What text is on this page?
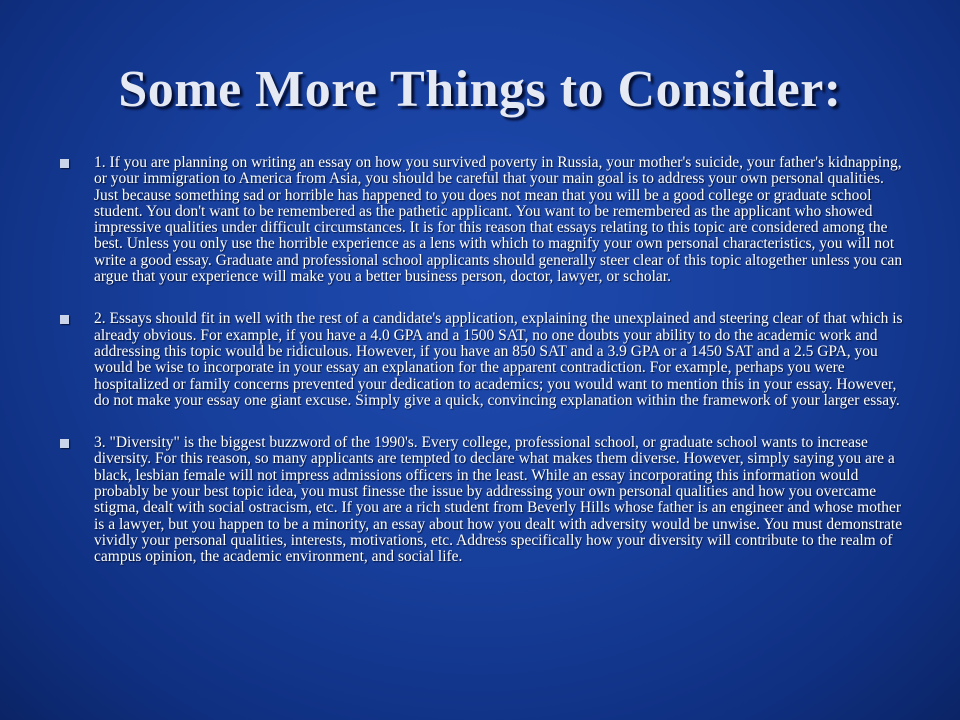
Some More Things to Consider:
1. If you are planning on writing an essay on how you survived poverty in Russia, your mother's suicide, your father's kidnapping, or your immigration to America from Asia, you should be careful that your main goal is to address your own personal qualities. Just because something sad or horrible has happened to you does not mean that you will be a good college or graduate school student. You don't want to be remembered as the pathetic applicant. You want to be remembered as the applicant who showed impressive qualities under difficult circumstances. It is for this reason that essays relating to this topic are considered among the best. Unless you only use the horrible experience as a lens with which to magnify your own personal characteristics, you will not write a good essay. Graduate and professional school applicants should generally steer clear of this topic altogether unless you can argue that your experience will make you a better business person, doctor, lawyer, or scholar.
2. Essays should fit in well with the rest of a candidate's application, explaining the unexplained and steering clear of that which is already obvious. For example, if you have a 4.0 GPA and a 1500 SAT, no one doubts your ability to do the academic work and addressing this topic would be ridiculous. However, if you have an 850 SAT and a 3.9 GPA or a 1450 SAT and a 2.5 GPA, you would be wise to incorporate in your essay an explanation for the apparent contradiction. For example, perhaps you were hospitalized or family concerns prevented your dedication to academics; you would want to mention this in your essay. However, do not make your essay one giant excuse. Simply give a quick, convincing explanation within the framework of your larger essay.
3. "Diversity" is the biggest buzzword of the 1990's. Every college, professional school, or graduate school wants to increase diversity. For this reason, so many applicants are tempted to declare what makes them diverse. However, simply saying you are a black, lesbian female will not impress admissions officers in the least. While an essay incorporating this information would probably be your best topic idea, you must finesse the issue by addressing your own personal qualities and how you overcame stigma, dealt with social ostracism, etc. If you are a rich student from Beverly Hills whose father is an engineer and whose mother is a lawyer, but you happen to be a minority, an essay about how you dealt with adversity would be unwise. You must demonstrate vividly your personal qualities, interests, motivations, etc. Address specifically how your diversity will contribute to the realm of campus opinion, the academic environment, and social life.
